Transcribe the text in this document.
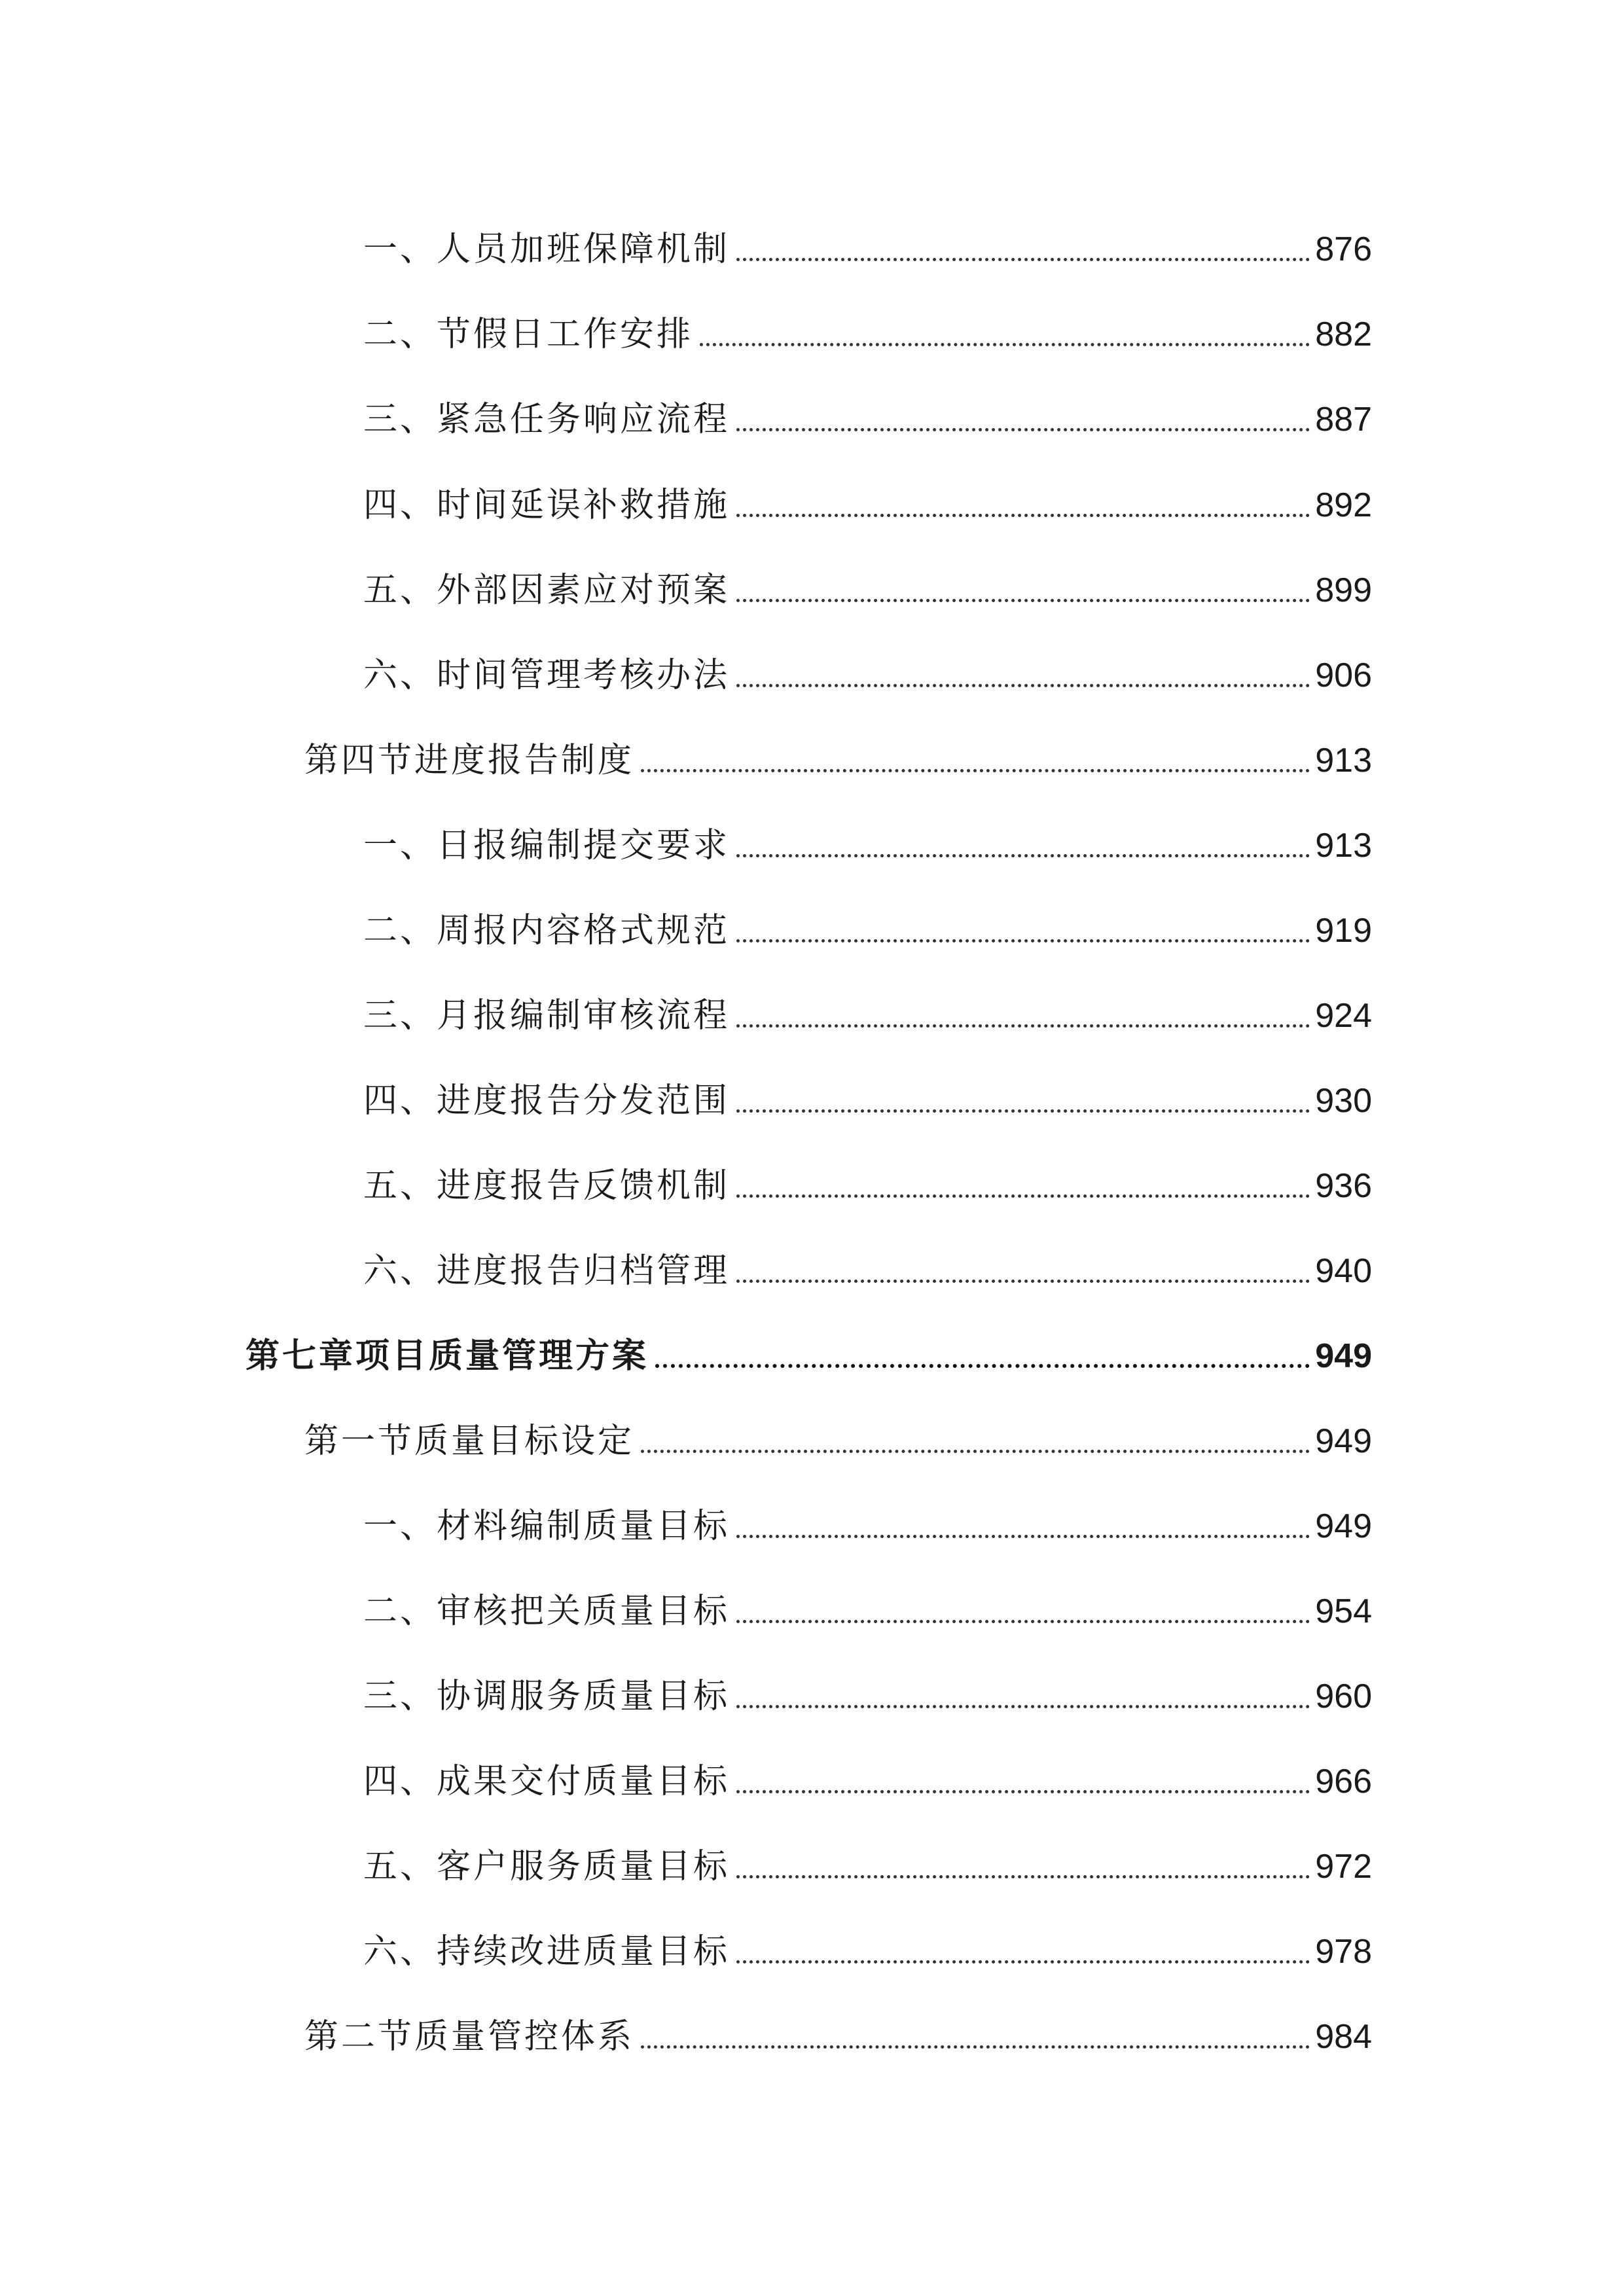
一、人员加班保障机制	876
二、节假日工作安排	882
三、紧急任务响应流程	887
四、时间延误补救措施	892
五、外部因素应对预案	899
六、时间管理考核办法	906
第四节进度报告制度	913
一、日报编制提交要求	913
二、周报内容格式规范	919
三、月报编制审核流程	924
四、进度报告分发范围	930
五、进度报告反馈机制	936
六、进度报告归档管理	940
第七章项目质量管理方案	949
第一节质量目标设定	949
一、材料编制质量目标	949
二、审核把关质量目标	954
三、协调服务质量目标	960
四、成果交付质量目标	966
五、客户服务质量目标	972
六、持续改进质量目标	978
第二节质量管控体系	984
